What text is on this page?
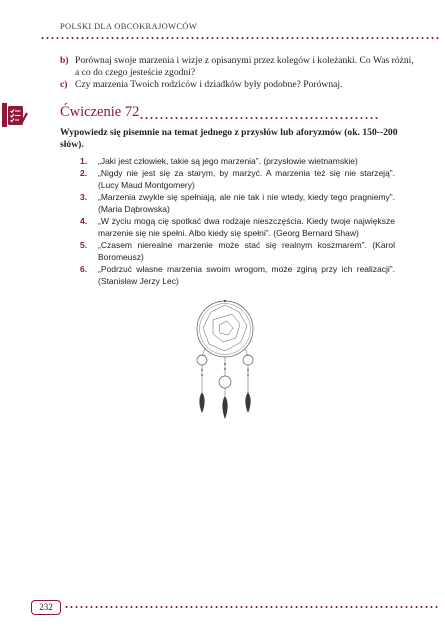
POLSKI DLA OBCOKRAJOWCÓW
b) Porównaj swoje marzenia i wizje z opisanymi przez kolegów i koleżanki. Co Was różni, a co do czego jesteście zgodni?
c) Czy marzenia Twoich rodziców i dziadków były podobne? Porównaj.
Ćwiczenie 72
Wypowiedz się pisemnie na temat jednego z przysłów lub aforyzmów (ok. 150--200 słów).
1. „Jaki jest człowiek, takie są jego marzenia”. (przysłowie wietnamskie)
2. „Nigdy nie jest się za starym, by marzyć. A marzenia też się nie starzeją”. (Lucy Maud Montgomery)
3. „Marzenia zwykle się spełniają, ale nie tak i nie wtedy, kiedy tego pragniemy”. (Maria Dąbrowska)
4. „W życiu mogą cię spotkać dwa rodzaje nieszczęścia. Kiedy twoje największe marzenie się nie spełni. Albo kiedy się spełni”. (Georg Bernard Shaw)
5. „Czasem nierealne marzenie może stać się realnym koszmarem”. (Karol Boromeusz)
6. „Podrzuć własne marzenia swoim wrogom, może zginą przy ich realizacji”. (Stanisław Jerzy Lec)
232
